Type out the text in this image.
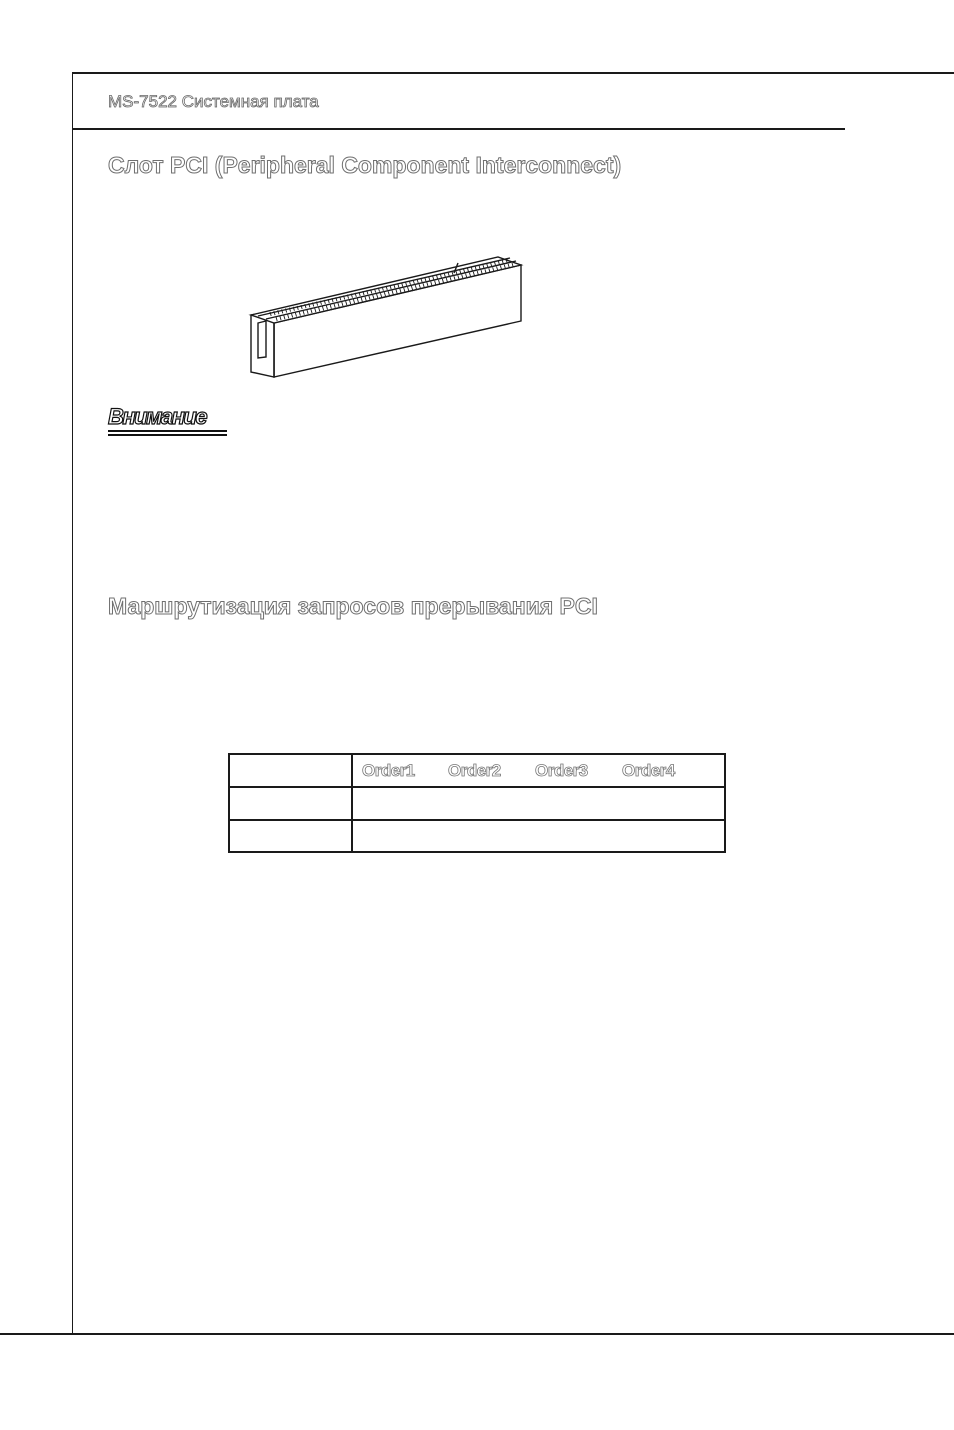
MS-7522 Системная плата
Слот PCI (Peripheral Component Interconnect)
Внимание
Маршрутизация запросов прерывания PCI
	Order1 Order2 Order3 Order4
